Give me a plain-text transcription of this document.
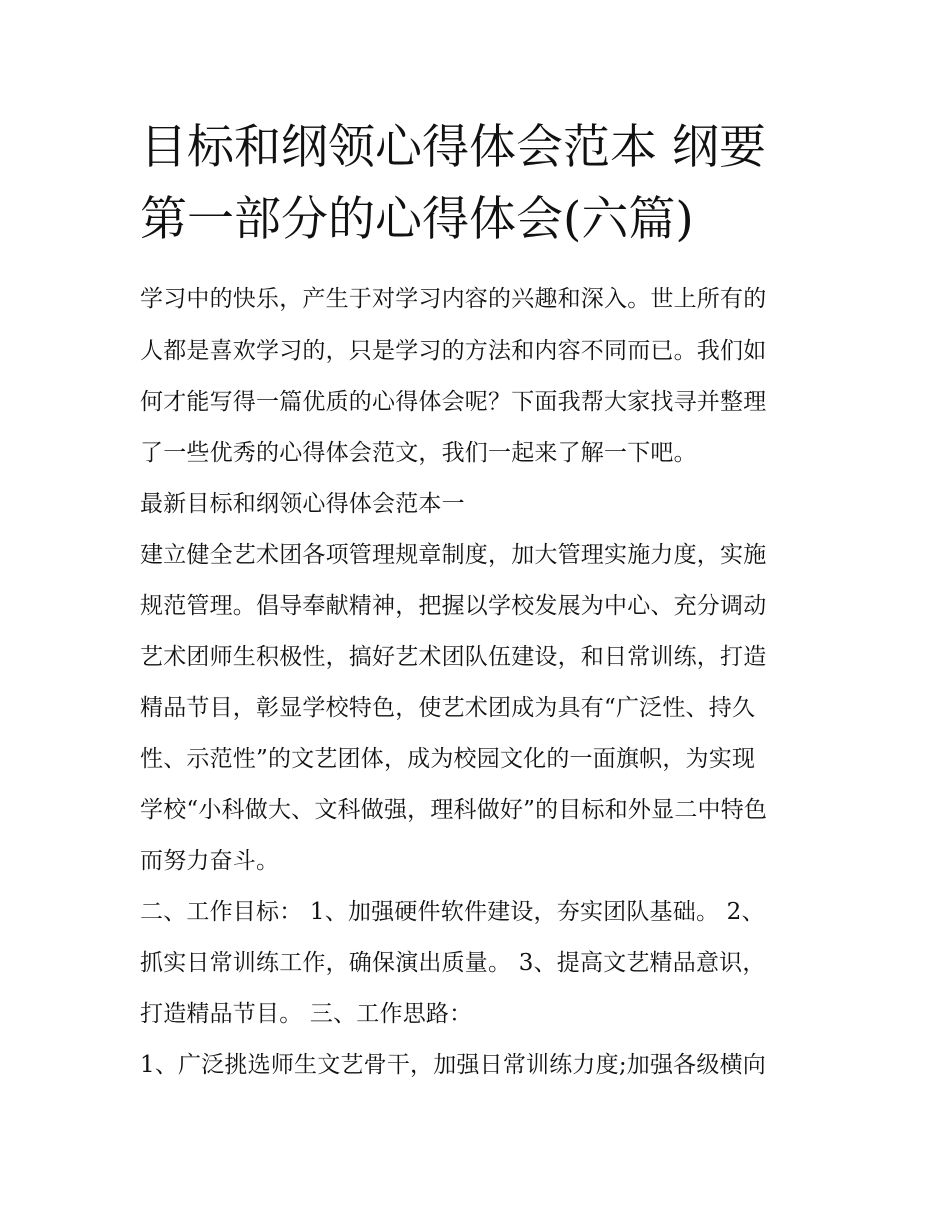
目标和纲领心得体会范本 纲要
第一部分的心得体会(六篇)
学习中的快乐，产生于对学习内容的兴趣和深入。世上所有的
人都是喜欢学习的，只是学习的方法和内容不同而已。我们如
何才能写得一篇优质的心得体会呢？下面我帮大家找寻并整理
了一些优秀的心得体会范文，我们一起来了解一下吧。
最新目标和纲领心得体会范本一
建立健全艺术团各项管理规章制度，加大管理实施力度，实施
规范管理。倡导奉献精神，把握以学校发展为中心、充分调动
艺术团师生积极性，搞好艺术团队伍建设，和日常训练，打造
精品节目，彰显学校特色，使艺术团成为具有“广泛性、持久
性、示范性”的文艺团体，成为校园文化的一面旗帜，为实现
学校“小科做大、文科做强，理科做好”的目标和外显二中特色
而努力奋斗。
二、工作目标： 1、加强硬件软件建设，夯实团队基础。 2、
抓实日常训练工作，确保演出质量。 3、提高文艺精品意识，
打造精品节目。 三、工作思路：
1、广泛挑选师生文艺骨干，加强日常训练力度;加强各级横向
